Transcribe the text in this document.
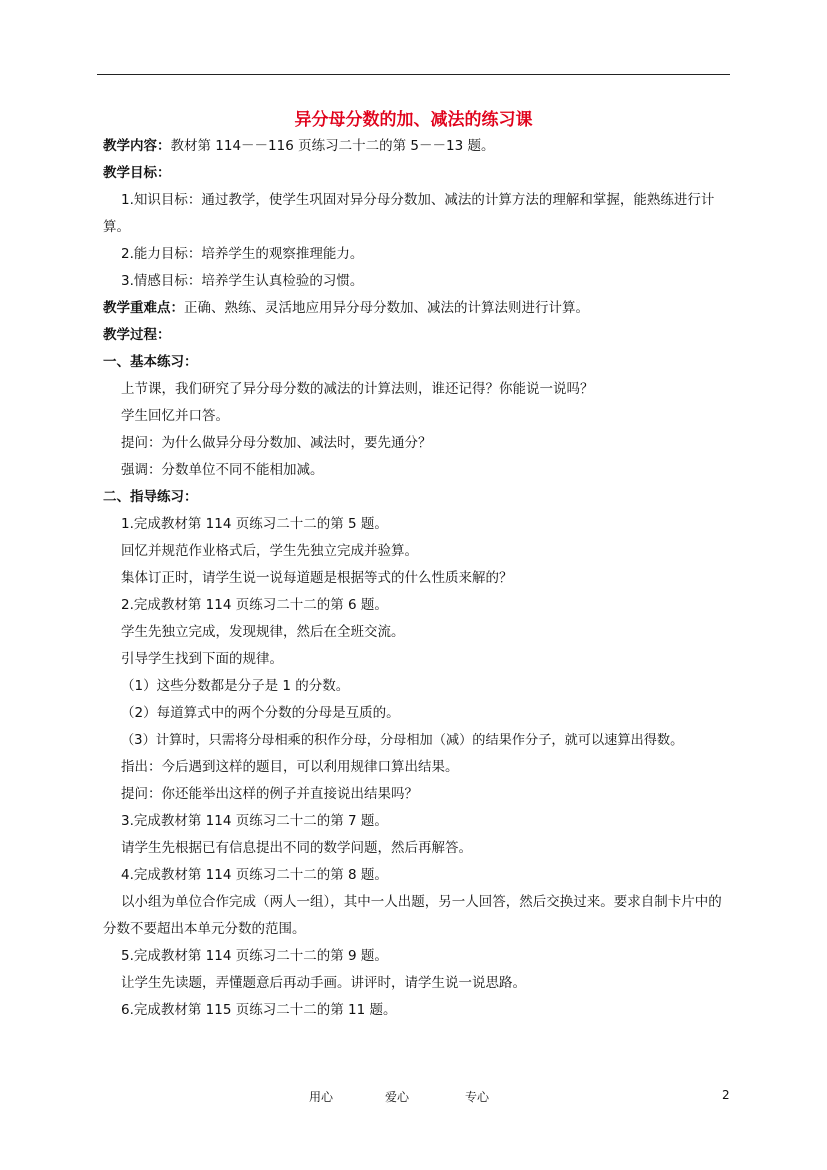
异分母分数的加、减法的练习课
教学内容：教材第 114－－116 页练习二十二的第 5－－13 题。
教学目标：
1.知识目标：通过教学，使学生巩固对异分母分数加、减法的计算方法的理解和掌握，能熟练进行计算。
2.能力目标：培养学生的观察推理能力。
3.情感目标：培养学生认真检验的习惯。
教学重难点：正确、熟练、灵活地应用异分母分数加、减法的计算法则进行计算。
教学过程：
一、基本练习：
上节课，我们研究了异分母分数的减法的计算法则，谁还记得？你能说一说吗？
学生回忆并口答。
提问：为什么做异分母分数加、减法时，要先通分？
强调：分数单位不同不能相加减。
二、指导练习：
1.完成教材第 114 页练习二十二的第 5 题。
回忆并规范作业格式后，学生先独立完成并验算。
集体订正时，请学生说一说每道题是根据等式的什么性质来解的？
2.完成教材第 114 页练习二十二的第 6 题。
学生先独立完成，发现规律，然后在全班交流。
引导学生找到下面的规律。
（1）这些分数都是分子是 1 的分数。
（2）每道算式中的两个分数的分母是互质的。
（3）计算时，只需将分母相乘的积作分母，分母相加（减）的结果作分子，就可以速算出得数。
指出：今后遇到这样的题目，可以利用规律口算出结果。
提问：你还能举出这样的例子并直接说出结果吗？
3.完成教材第 114 页练习二十二的第 7 题。
请学生先根据已有信息提出不同的数学问题，然后再解答。
4.完成教材第 114 页练习二十二的第 8 题。
以小组为单位合作完成（两人一组），其中一人出题，另一人回答，然后交换过来。要求自制卡片中的分数不要超出本单元分数的范围。
5.完成教材第 114 页练习二十二的第 9 题。
让学生先读题，弄懂题意后再动手画。讲评时，请学生说一说思路。
6.完成教材第 115 页练习二十二的第 11 题。
用心	爱心	专心	2
